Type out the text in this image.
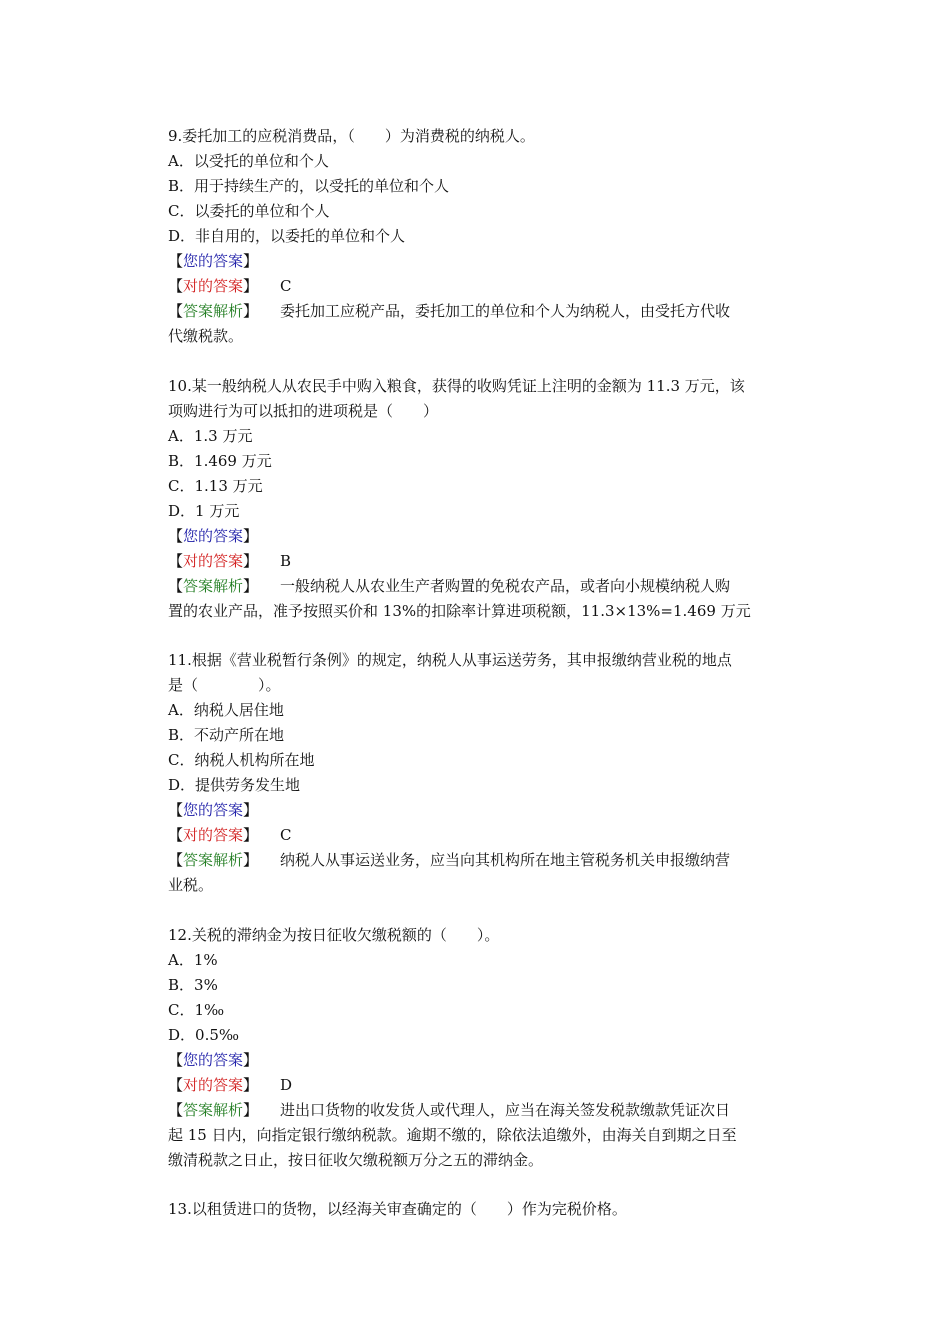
9.委托加工的应税消费品，（　　）为消费税的纳税人。

A．以受托的单位和个人

B．用于持续生产的，以受托的单位和个人

C．以委托的单位和个人

D．非自用的，以委托的单位和个人

【您的答案】

【对的答案】 C

【答案解析】 委托加工应税产品，委托加工的单位和个人为纳税人，由受托方代收

代缴税款。

10.某一般纳税人从农民手中购入粮食，获得的收购凭证上注明的金额为 11.3 万元，该

项购进行为可以抵扣的进项税是（　　）

A．1.3 万元

B．1.469 万元

C．1.13 万元

D．1 万元

【您的答案】

【对的答案】 B

【答案解析】 一般纳税人从农业生产者购置的免税农产品，或者向小规模纳税人购

置的农业产品，准予按照买价和 13%的扣除率计算进项税额，11.3×13%=1.469 万元

11.根据《营业税暂行条例》的规定，纳税人从事运送劳务，其申报缴纳营业税的地点

是（　　　　）。

A．纳税人居住地

B．不动产所在地

C．纳税人机构所在地

D．提供劳务发生地

【您的答案】

【对的答案】 C

【答案解析】 纳税人从事运送业务，应当向其机构所在地主管税务机关申报缴纳营

业税。

12.关税的滞纳金为按日征收欠缴税额的（　　）。

A．1%

B．3%

C．1‰

D．0.5‰

【您的答案】

【对的答案】 D

【答案解析】 进出口货物的收发货人或代理人，应当在海关签发税款缴款凭证次日

起 15 日内，向指定银行缴纳税款。逾期不缴的，除依法追缴外，由海关自到期之日至

缴清税款之日止，按日征收欠缴税额万分之五的滞纳金。

13.以租赁进口的货物，以经海关审查确定的（　　）作为完税价格。
